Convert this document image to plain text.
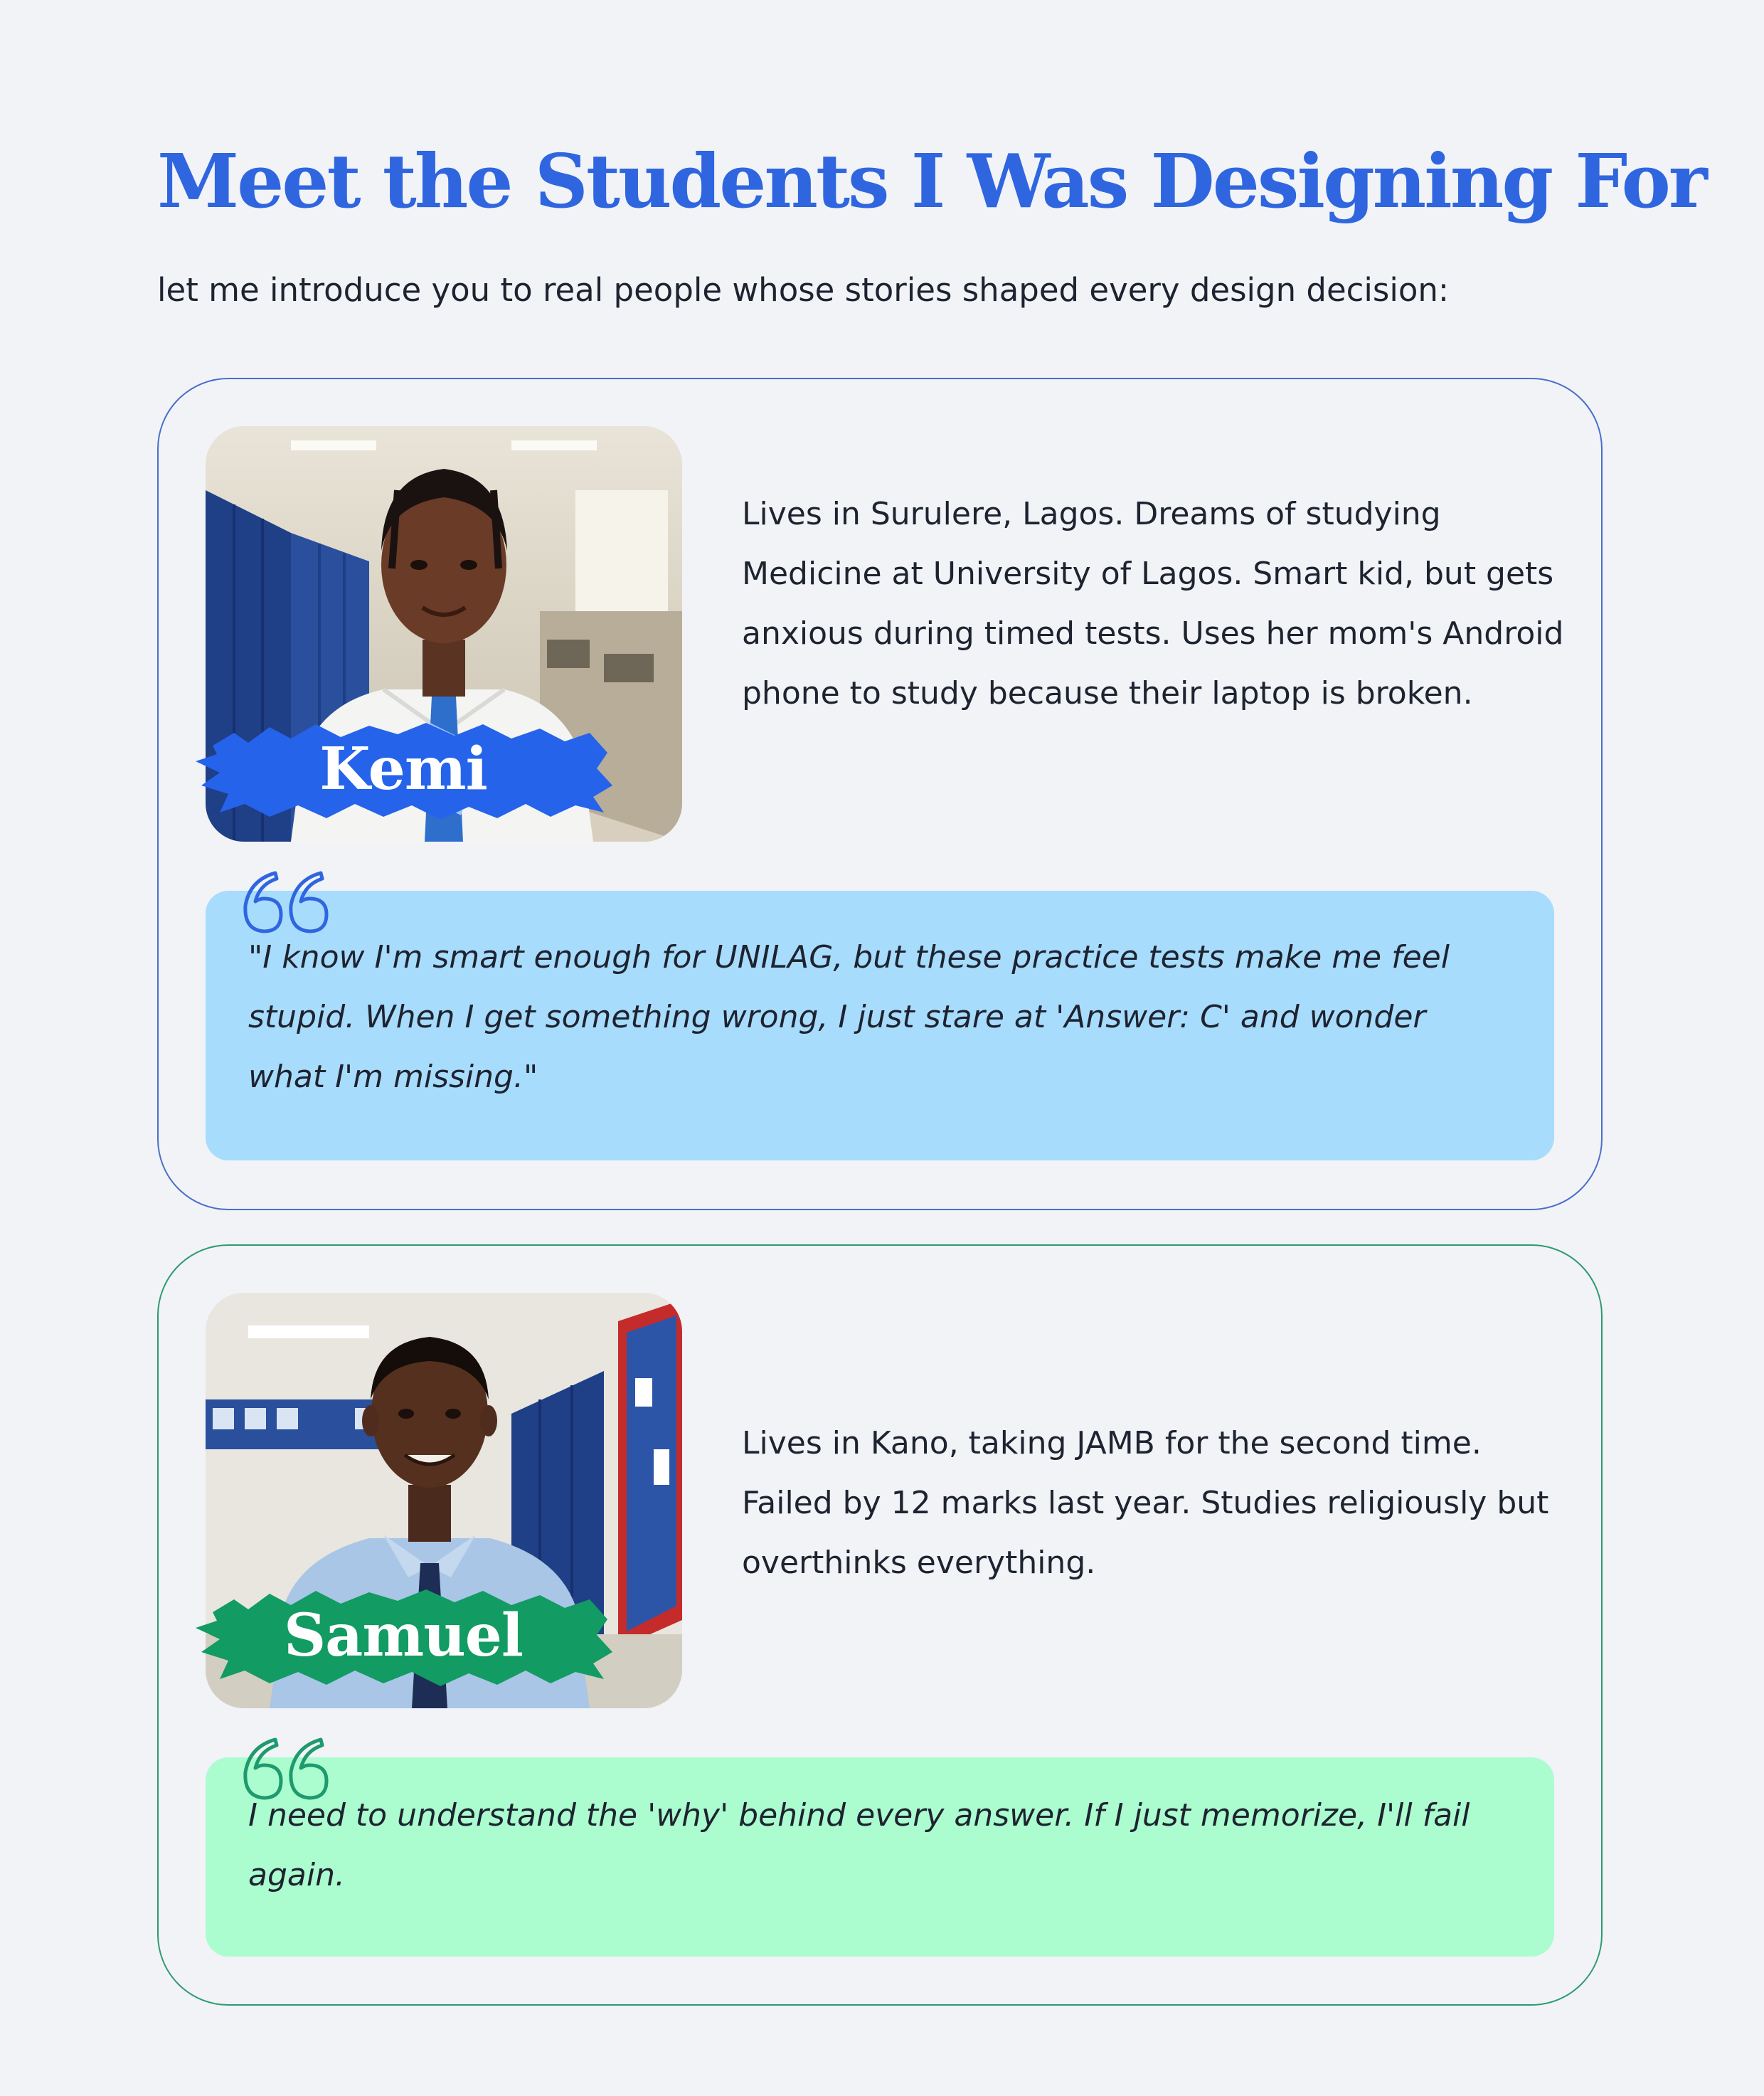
Meet the Students I Was Designing For

let me introduce you to real people whose stories shaped every design decision:

Kemi

Lives in Surulere, Lagos. Dreams of studying Medicine at University of Lagos. Smart kid, but gets anxious during timed tests. Uses her mom's Android phone to study because their laptop is broken.

"I know I'm smart enough for UNILAG, but these practice tests make me feel stupid. When I get something wrong, I just stare at 'Answer: C' and wonder what I'm missing."

Samuel

Lives in Kano, taking JAMB for the second time. Failed by 12 marks last year. Studies religiously but overthinks everything.

I need to understand the 'why' behind every answer. If I just memorize, I'll fail again.
